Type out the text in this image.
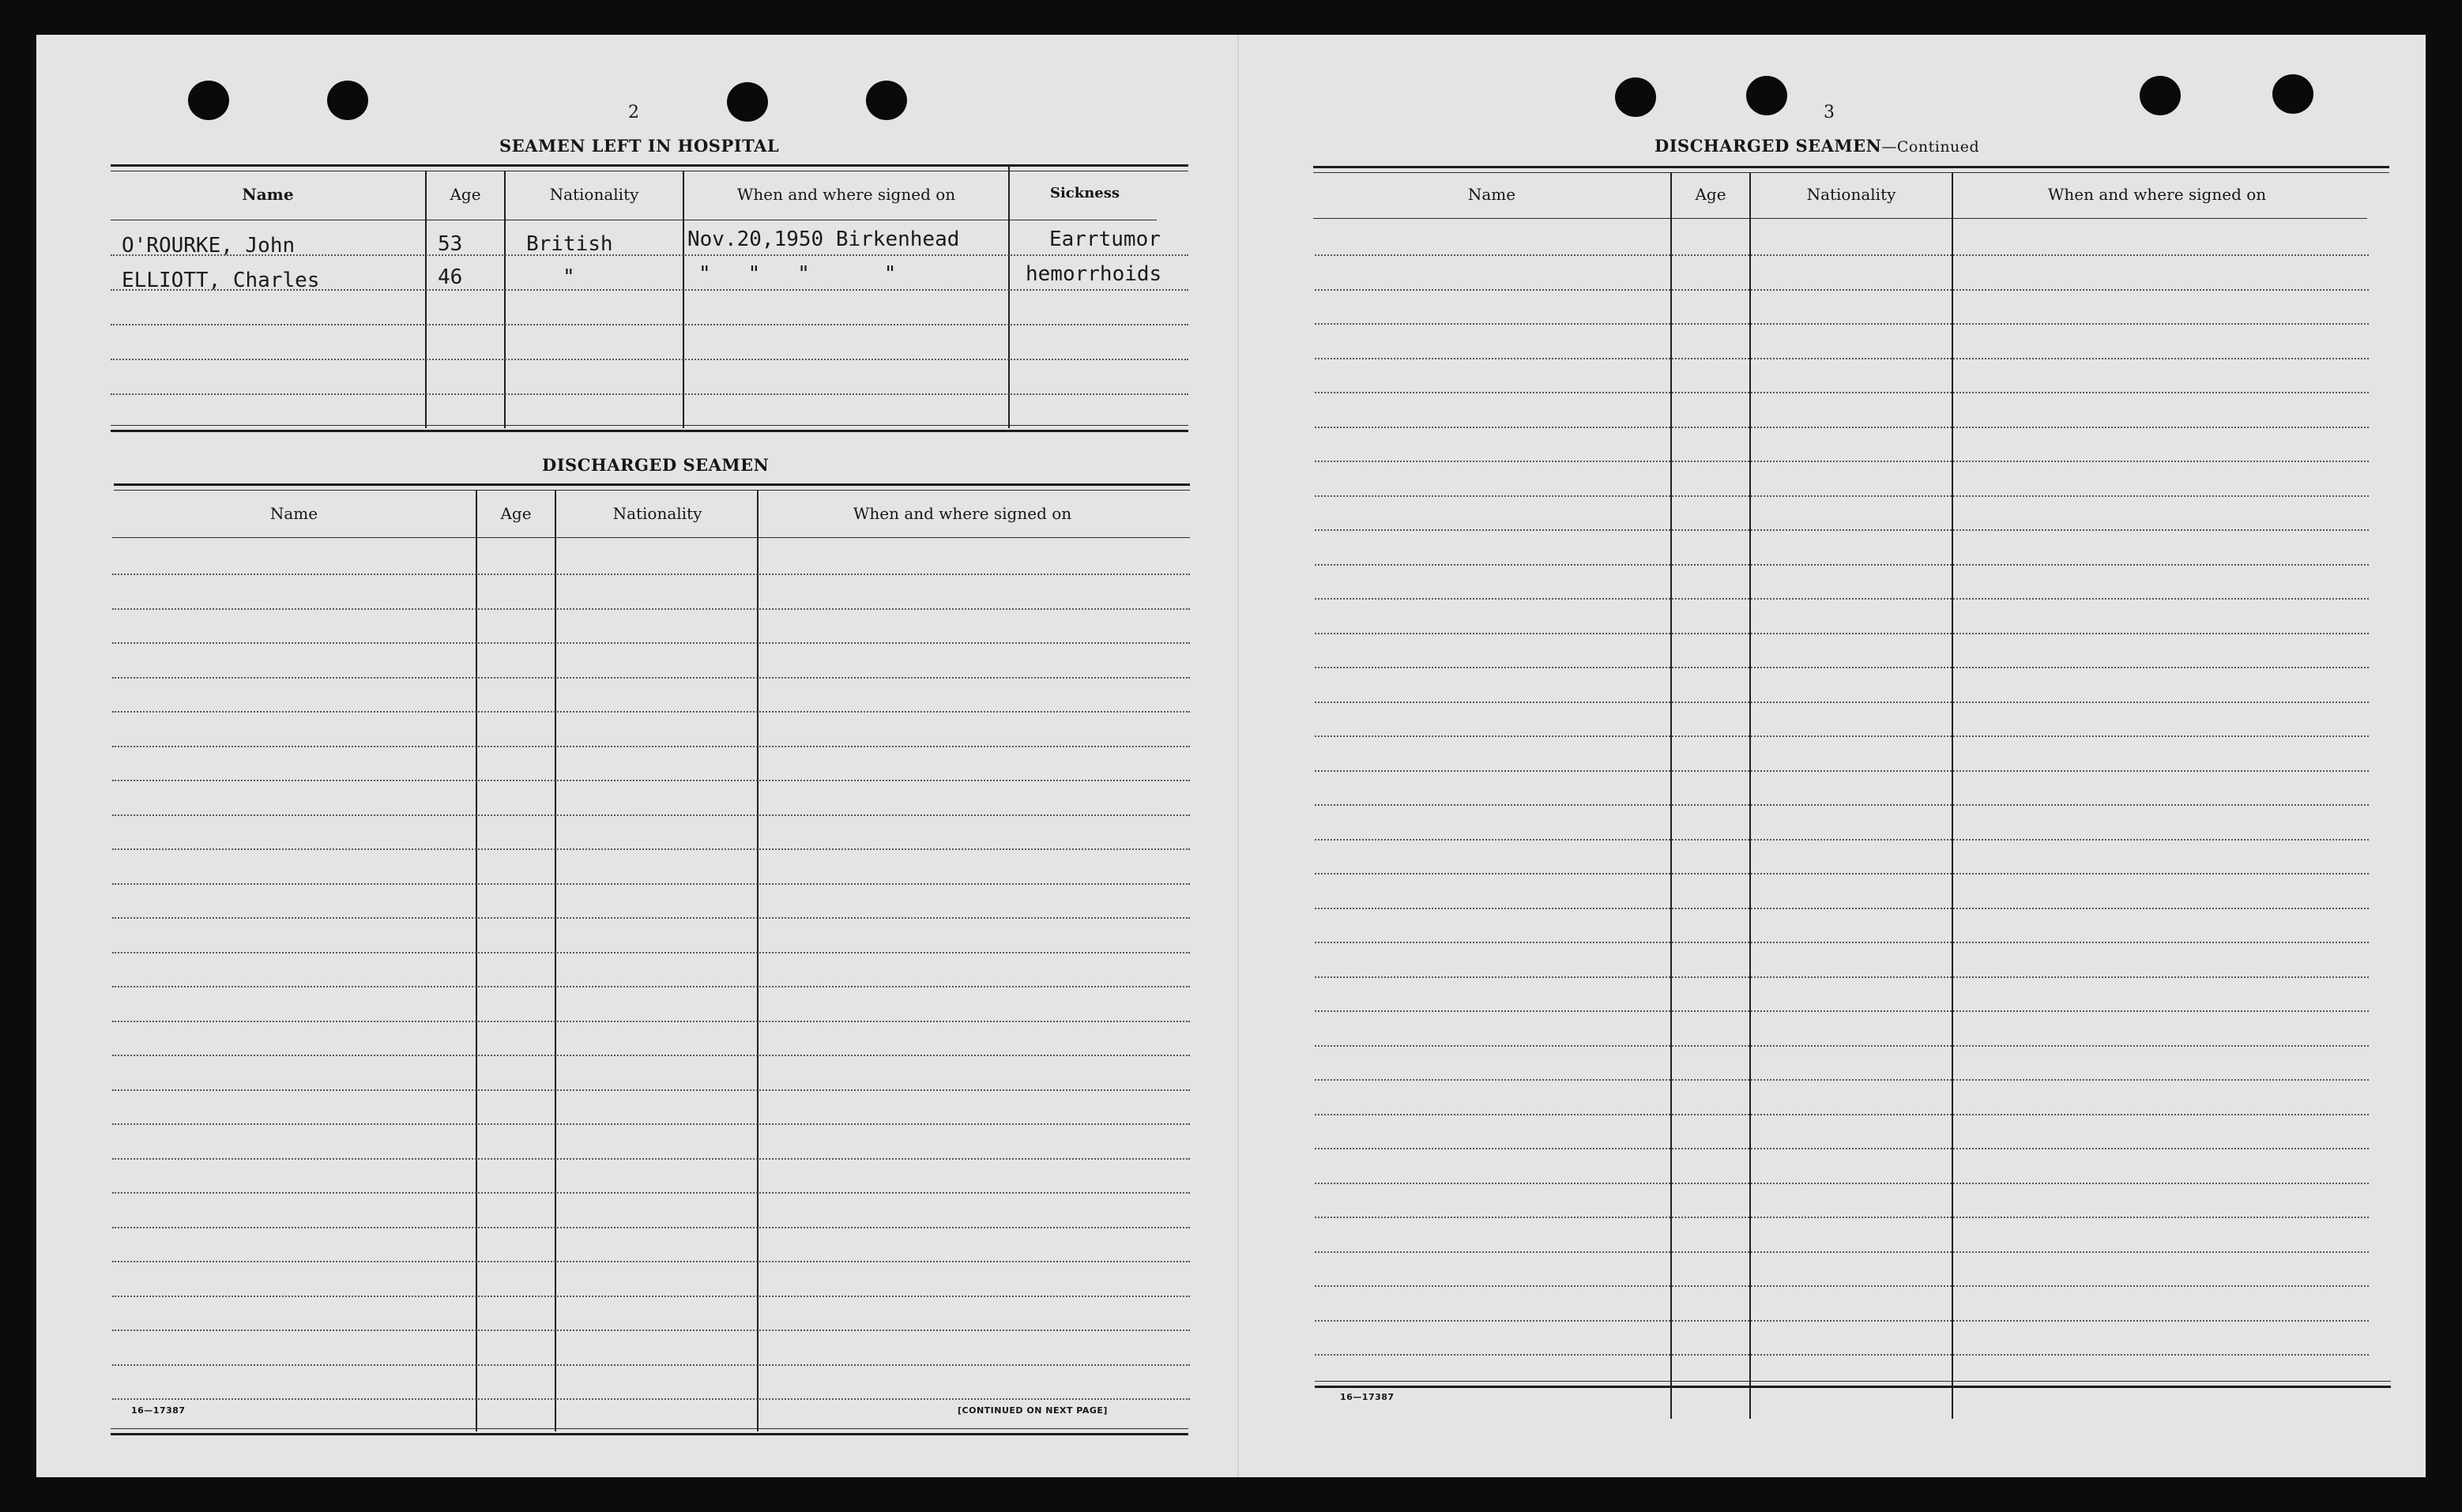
2
SEAMEN LEFT IN HOSPITAL
Name	Age	Nationality	When and where signed on	Sickness
O'ROURKE, John	53	British	Nov.20,1950 Birkenhead	Earrtumor
ELLIOTT, Charles	46	"	"   "   "      "	hemorrhoids
DISCHARGED SEAMEN
Name	Age	Nationality	When and where signed on
16—17387	[CONTINUED ON NEXT PAGE]
3
DISCHARGED SEAMEN—Continued
Name	Age	Nationality	When and where signed on
16—17387
